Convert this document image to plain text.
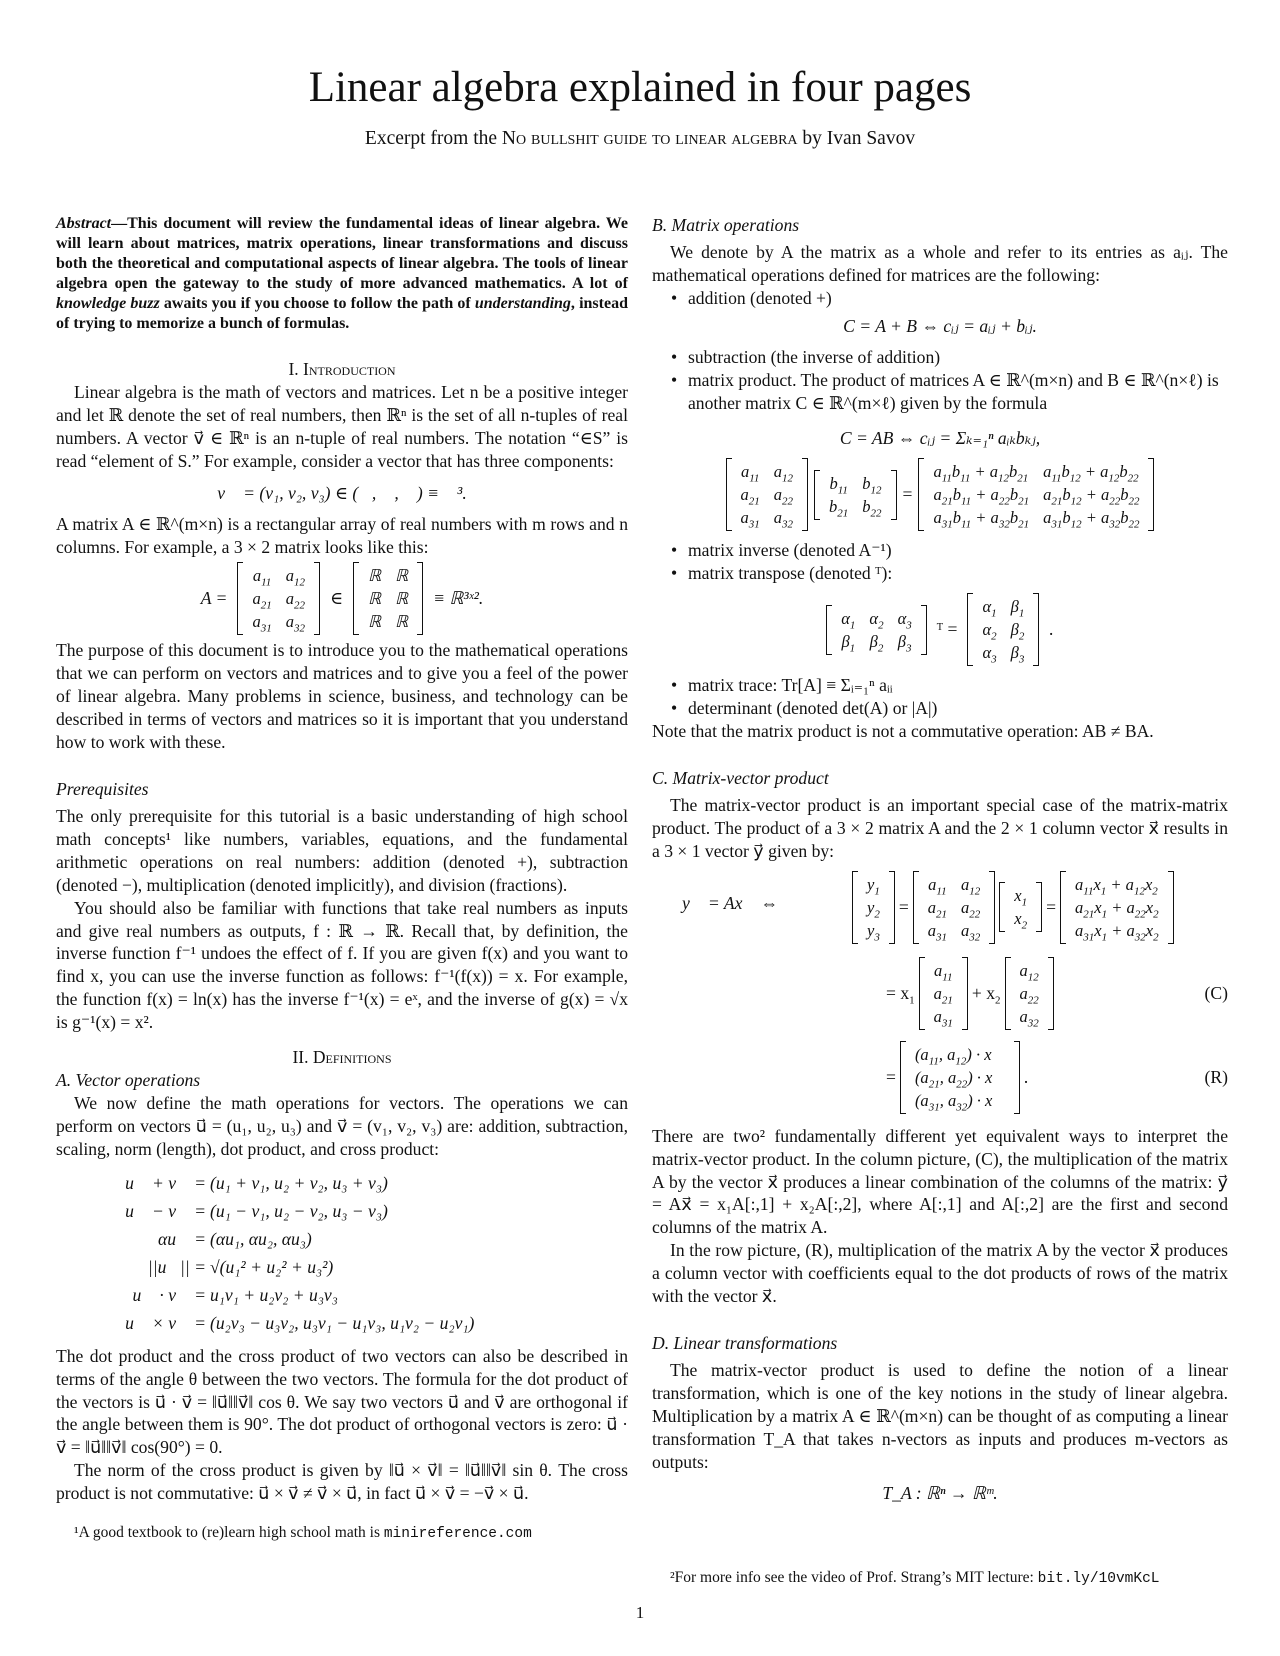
Linear algebra explained in four pages
Excerpt from the No bullshit guide to linear algebra by Ivan Savov

Abstract—This document will review the fundamental ideas of linear algebra. We will learn about matrices, matrix operations, linear transformations and discuss both the theoretical and computational aspects of linear algebra. The tools of linear algebra open the gateway to the study of more advanced mathematics. A lot of knowledge buzz awaits you if you choose to follow the path of understanding, instead of trying to memorize a bunch of formulas.

I. Introduction

Linear algebra is the math of vectors and matrices. Let n be a positive integer and let ℝ denote the set of real numbers, then ℝⁿ is the set of all n-tuples of real numbers. A vector v⃗ ∈ ℝⁿ is an n-tuple of real numbers. The notation “∈S” is read “element of S.” For example, consider a vector that has three components:

v⃗ = (v₁, v₂, v₃) ∈ (ℝ, ℝ, ℝ) ≡ ℝ³.

A matrix A ∈ ℝ^(m×n) is a rectangular array of real numbers with m rows and n columns. For example, a 3 × 2 matrix looks like this:

A =
$a_{11}$	$a_{12}$
$a_{21}$	$a_{22}$
$a_{31}$	$a_{32}$
∈
ℝ	ℝ
ℝ	ℝ
ℝ	ℝ
≡ ℝ³ˣ².

The purpose of this document is to introduce you to the mathematical operations that we can perform on vectors and matrices and to give you a feel of the power of linear algebra. Many problems in science, business, and technology can be described in terms of vectors and matrices so it is important that you understand how to work with these.

Prerequisites

The only prerequisite for this tutorial is a basic understanding of high school math concepts¹ like numbers, variables, equations, and the fundamental arithmetic operations on real numbers: addition (denoted +), subtraction (denoted −), multiplication (denoted implicitly), and division (fractions).

You should also be familiar with functions that take real numbers as inputs and give real numbers as outputs, f : ℝ → ℝ. Recall that, by definition, the inverse function f⁻¹ undoes the effect of f. If you are given f(x) and you want to find x, you can use the inverse function as follows: f⁻¹(f(x)) = x. For example, the function f(x) = ln(x) has the inverse f⁻¹(x) = eˣ, and the inverse of g(x) = √x is g⁻¹(x) = x².

II. Definitions

A. Vector operations

We now define the math operations for vectors. The operations we can perform on vectors u⃗ = (u₁, u₂, u₃) and v⃗ = (v₁, v₂, v₃) are: addition, subtraction, scaling, norm (length), dot product, and cross product:

u⃗ + v⃗ = (u₁ + v₁, u₂ + v₂, u₃ + v₃)
u⃗ − v⃗ = (u₁ − v₁, u₂ − v₂, u₃ − v₃)
αu⃗ = (αu₁, αu₂, αu₃)
||u⃗|| = √(u₁² + u₂² + u₃²)
u⃗ · v⃗ = u₁v₁ + u₂v₂ + u₃v₃
u⃗ × v⃗ = (u₂v₃ − u₃v₂, u₃v₁ − u₁v₃, u₁v₂ − u₂v₁)

The dot product and the cross product of two vectors can also be described in terms of the angle θ between the two vectors. The formula for the dot product of the vectors is u⃗ · v⃗ = ‖u⃗‖‖v⃗‖ cos θ. We say two vectors u⃗ and v⃗ are orthogonal if the angle between them is 90°. The dot product of orthogonal vectors is zero: u⃗ · v⃗ = ‖u⃗‖‖v⃗‖ cos(90°) = 0.

The norm of the cross product is given by ‖u⃗ × v⃗‖ = ‖u⃗‖‖v⃗‖ sin θ. The cross product is not commutative: u⃗ × v⃗ ≠ v⃗ × u⃗, in fact u⃗ × v⃗ = −v⃗ × u⃗.

¹A good textbook to (re)learn high school math is minireference.com

B. Matrix operations

We denote by A the matrix as a whole and refer to its entries as aᵢⱼ. The mathematical operations defined for matrices are the following:

• addition (denoted +)

C = A + B ⇔ cᵢⱼ = aᵢⱼ + bᵢⱼ.

• subtraction (the inverse of addition)
• matrix product. The product of matrices A ∈ ℝ^(m×n) and B ∈ ℝ^(n×ℓ) is another matrix C ∈ ℝ^(m×ℓ) given by the formula

C = AB ⇔ cᵢⱼ = Σₖ₌₁ⁿ aᵢₖbₖⱼ,

$a_{11}$	$a_{12}$
$a_{21}$	$a_{22}$
$a_{31}$	$a_{32}$
$b_{11}$	$b_{12}$
$b_{21}$	$b_{22}$
=
$a_{11}b_{11} + a_{12}b_{21}$	$a_{11}b_{12} + a_{12}b_{22}$
$a_{21}b_{11} + a_{22}b_{21}$	$a_{21}b_{12} + a_{22}b_{22}$
$a_{31}b_{11} + a_{32}b_{21}$	$a_{31}b_{12} + a_{32}b_{22}$
• matrix inverse (denoted A⁻¹)
• matrix transpose (denoted ᵀ):
$\alpha_1$	$\alpha_2$	$\alpha_3$
$\beta_1$	$\beta_2$	$\beta_3$
ᵀ =
$\alpha_1$	$\beta_1$
$\alpha_2$	$\beta_2$
$\alpha_3$	$\beta_3$
.
• matrix trace: Tr[A] ≡ Σᵢ₌₁ⁿ aᵢᵢ
• determinant (denoted det(A) or |A|)

Note that the matrix product is not a commutative operation: AB ≠ BA.

C. Matrix-vector product

The matrix-vector product is an important special case of the matrix-matrix product. The product of a 3 × 2 matrix A and the 2 × 1 column vector x⃗ results in a 3 × 1 vector y⃗ given by:

y⃗ = Ax⃗ ⇔
$y_1$
$y_2$
$y_3$
=
$a_{11}$	$a_{12}$
$a_{21}$	$a_{22}$
$a_{31}$	$a_{32}$
$x_1$
$x_2$
=
$a_{11}x_1 + a_{12}x_2$
$a_{21}x_1 + a_{22}x_2$
$a_{31}x_1 + a_{32}x_2$
= $x_1$
$a_{11}$
$a_{21}$
$a_{31}$
+ $x_2$
$a_{12}$
$a_{22}$
$a_{32}$
(C)
=
($a_{11}$, $a_{12}$) · x⃗
($a_{21}$, $a_{22}$) · x⃗
($a_{31}$, $a_{32}$) · x⃗
.	(R)

There are two² fundamentally different yet equivalent ways to interpret the matrix-vector product. In the column picture, (C), the multiplication of the matrix A by the vector x⃗ produces a linear combination of the columns of the matrix: y⃗ = Ax⃗ = x₁A[:,1] + x₂A[:,2], where A[:,1] and A[:,2] are the first and second columns of the matrix A.

In the row picture, (R), multiplication of the matrix A by the vector x⃗ produces a column vector with coefficients equal to the dot products of rows of the matrix with the vector x⃗.

D. Linear transformations

The matrix-vector product is used to define the notion of a linear transformation, which is one of the key notions in the study of linear algebra. Multiplication by a matrix A ∈ ℝ^(m×n) can be thought of as computing a linear transformation T_A that takes n-vectors as inputs and produces m-vectors as outputs:

T_A : ℝⁿ → ℝᵐ.

²For more info see the video of Prof. Strang’s MIT lecture: bit.ly/10vmKcL
1
